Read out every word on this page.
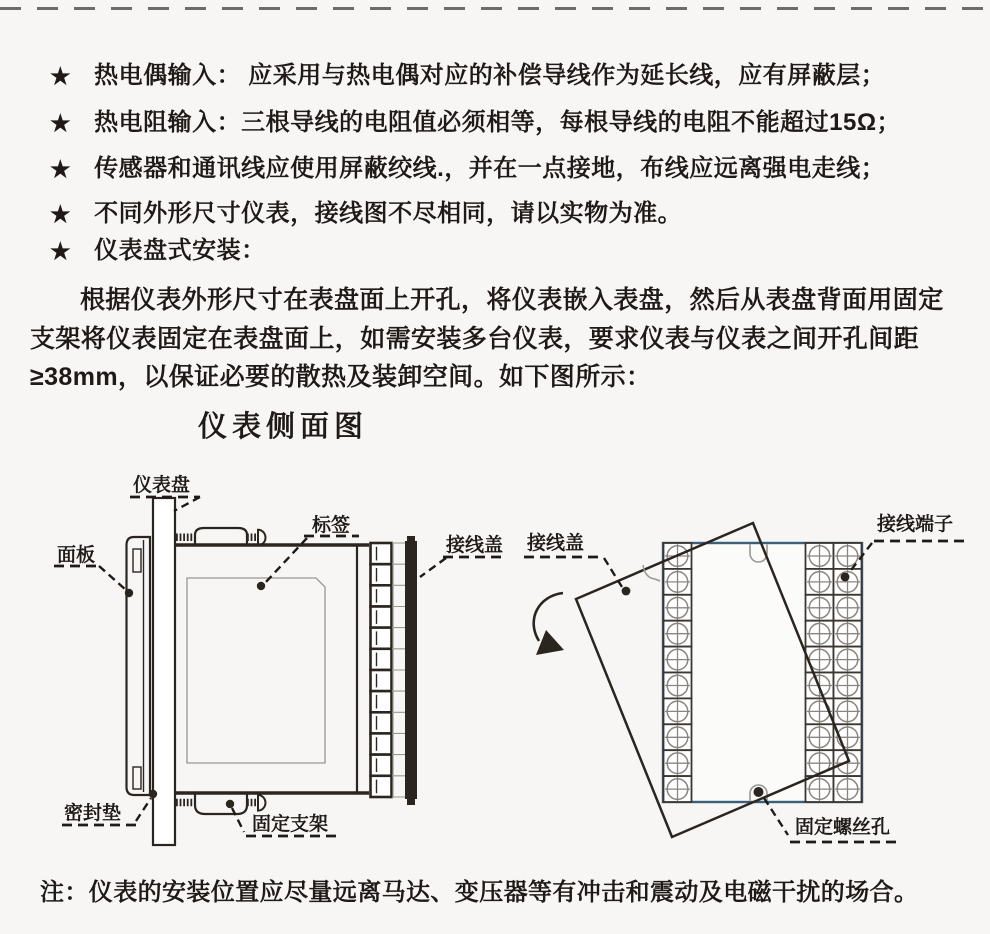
★ 热电偶输入： 应采用与热电偶对应的补偿导线作为延长线，应有屏蔽层；
★ 热电阻输入：三根导线的电阻值必须相等，每根导线的电阻不能超过15Ω；
★ 传感器和通讯线应使用屏蔽绞线.，并在一点接地，布线应远离强电走线；
★ 不同外形尺寸仪表，接线图不尽相同，请以实物为准。
★ 仪表盘式安装：
根据仪表外形尺寸在表盘面上开孔，将仪表嵌入表盘，然后从表盘背面用固定支架将仪表固定在表盘面上，如需安装多台仪表，要求仪表与仪表之间开孔间距≥38mm，以保证必要的散热及装卸空间。如下图所示：
仪表侧面图
仪表盘
面板
标签
接线盖
密封垫
固定支架
接线盖
接线端子
固定螺丝孔
注：仪表的安装位置应尽量远离马达、变压器等有冲击和震动及电磁干扰的场合。
